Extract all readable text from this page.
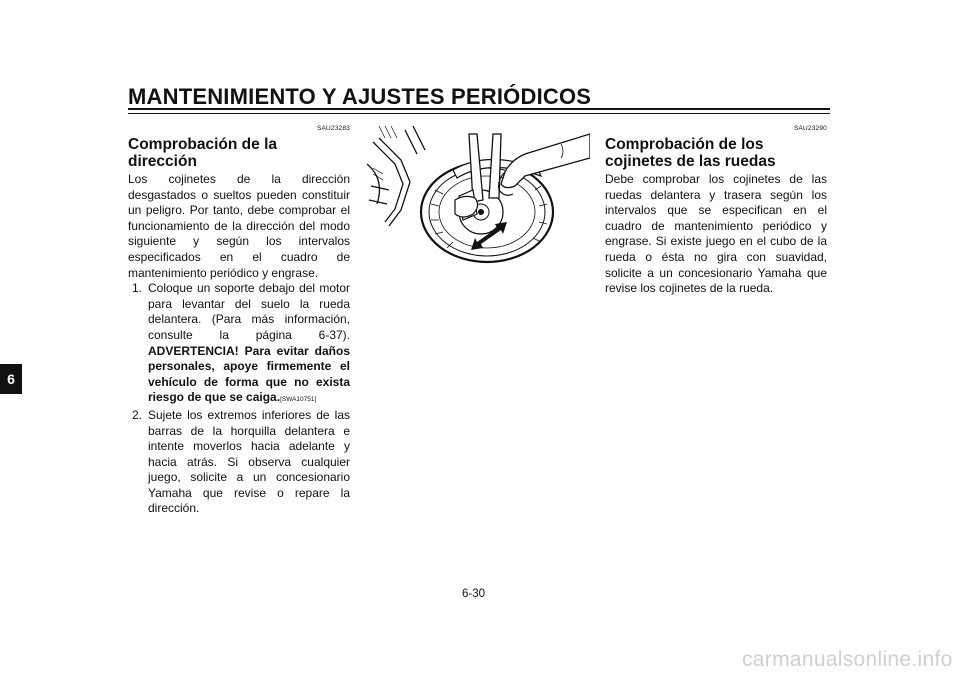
MANTENIMIENTO Y AJUSTES PERIÓDICOS
6
SAU23283
Comprobación de la dirección

Los cojinetes de la dirección desgastados o sueltos pueden constituir un peligro. Por tanto, debe comprobar el funcionamiento de la dirección del modo siguiente y según los intervalos especificados en el cuadro de mantenimiento periódico y engrase.

1. Coloque un soporte debajo del motor para levantar del suelo la rueda delantera. (Para más información, consulte la página 6-37). ADVERTENCIA! Para evitar daños personales, apoye firmemente el vehículo de forma que no exista riesgo de que se caiga.[SWA10751]
2. Sujete los extremos inferiores de las barras de la horquilla delantera e intente moverlos hacia adelante y hacia atrás. Si observa cualquier juego, solicite a un concesionario Yamaha que revise o repare la dirección.
SAU23290
Comprobación de los cojinetes de las ruedas

Debe comprobar los cojinetes de las ruedas delantera y trasera según los intervalos que se especifican en el cuadro de mantenimiento periódico y engrase. Si existe juego en el cubo de la rueda o ésta no gira con suavidad, solicite a un concesionario Yamaha que revise los cojinetes de la rueda.

6-30
carmanualsonline.info
